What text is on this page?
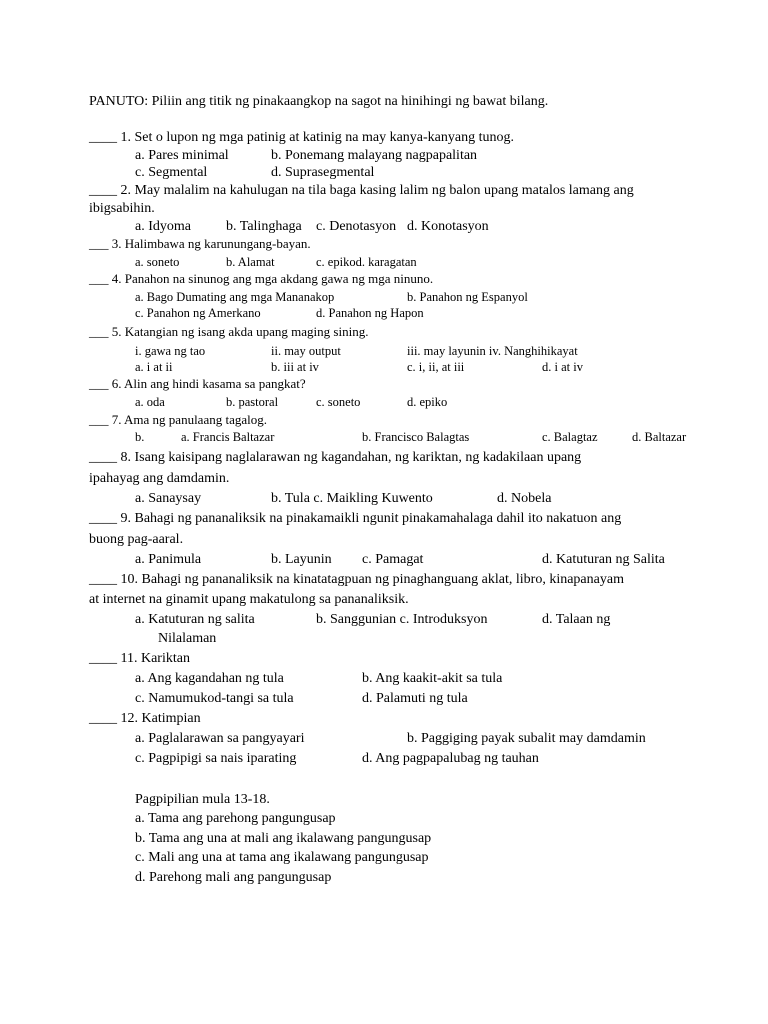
PANUTO: Piliin ang titik ng pinakaangkop na sagot na hinihingi ng bawat bilang.
____ 1. Set o lupon ng mga patinig at katinig na may kanya-kanyang tunog.
a. Pares minimal	b. Ponemang malayang nagpapalitan
c. Segmental	d. Suprasegmental
____ 2. May malalim na kahulugan na tila baga kasing lalim ng balon upang matalos lamang ang
ibigsabihin.
a. Idyoma	b. Talinghaga c. Denotasyon d. Konotasyon
___ 3. Halimbawa ng karunungang-bayan.
a. soneto	b. Alamat	c. epikod. karagatan
___ 4. Panahon na sinunog ang mga akdang gawa ng mga ninuno.
a. Bago Dumating ang mga Mananakop	b. Panahon ng Espanyol
c. Panahon ng Amerkano	d. Panahon ng Hapon
___ 5. Katangian ng isang akda upang maging sining.
i. gawa ng tao	ii. may output	iii. may layunin iv. Nanghihikayat
a. i at ii	b. iii at iv	c. i, ii, at iii	d. i at iv
___ 6. Alin ang hindi kasama sa pangkat?
a. oda	b. pastoral	c. soneto	d. epiko
___ 7. Ama ng panulaang tagalog.
b.	a. Francis Baltazar	b. Francisco Balagtas	c. Balagtaz	d. Baltazar
____ 8. Isang kaisipang naglalarawan ng kagandahan, ng kariktan, ng kadakilaan upang
ipahayag ang damdamin.
a. Sanaysay	b. Tula c. Maikling Kuwento	d. Nobela
____ 9. Bahagi ng pananaliksik na pinakamaikli ngunit pinakamahalaga dahil ito nakatuon ang
buong pag-aaral.
a. Panimula	b. Layunin c. Pamagat	d. Katuturan ng Salita
____ 10. Bahagi ng pananaliksik na kinatatagpuan ng pinaghanguang aklat, libro, kinapanayam
at internet na ginamit upang makatulong sa pananaliksik.
a. Katuturan ng salita	b. Sanggunian c. Introduksyon	d. Talaan ng
Nilalaman
____ 11. Kariktan
a. Ang kagandahan ng tula	b. Ang kaakit-akit sa tula
c. Namumukod-tangi sa tula	d. Palamuti ng tula
____ 12. Katimpian
a. Paglalarawan sa pangyayari	b. Paggiging payak subalit may damdamin
c. Pagpipigi sa nais iparating	d. Ang pagpapalubag ng tauhan
Pagpipilian mula 13-18.
a. Tama ang parehong pangungusap
b. Tama ang una at mali ang ikalawang pangungusap
c. Mali ang una at tama ang ikalawang pangungusap
d. Parehong mali ang pangungusap
